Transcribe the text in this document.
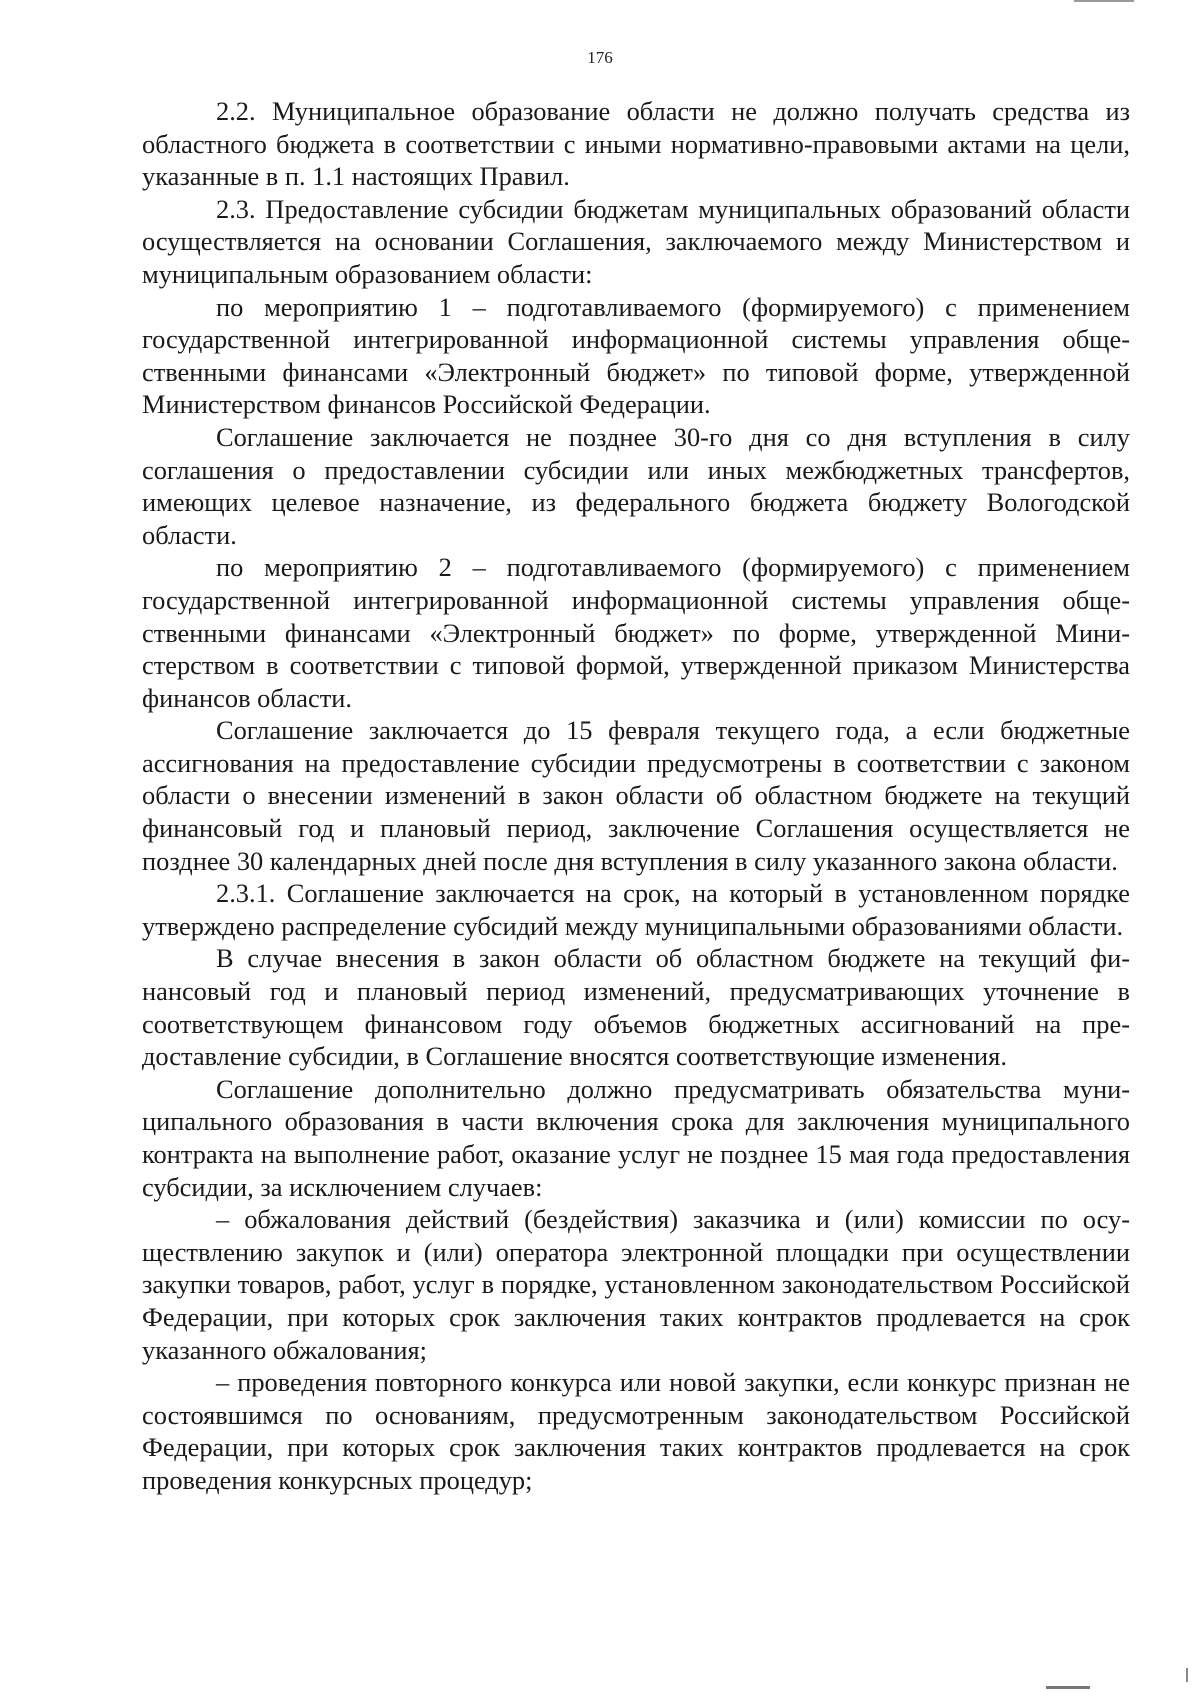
176

2.2. Муниципальное образование области не должно получать средства из областного бюджета в соответствии с иными нормативно-правовыми актами на цели, указанные в п. 1.1 настоящих Правил.

2.3. Предоставление субсидии бюджетам муниципальных образований области осуществляется на основании Соглашения, заключаемого между Министерством и муниципальным образованием области:

по мероприятию 1 – подготавливаемого (формируемого) с применением государственной интегрированной информационной системы управления общественными финансами «Электронный бюджет» по типовой форме, утвержденной Министерством финансов Российской Федерации.

Соглашение заключается не позднее 30-го дня со дня вступления в силу соглашения о предоставлении субсидии или иных межбюджетных трансфертов, имеющих целевое назначение, из федерального бюджета бюджету Вологодской области.

по мероприятию 2 – подготавливаемого (формируемого) с применением государственной интегрированной информационной системы управления общественными финансами «Электронный бюджет» по форме, утвержденной Министерством в соответствии с типовой формой, утвержденной приказом Министерства финансов области.

Соглашение заключается до 15 февраля текущего года, а если бюджетные ассигнования на предоставление субсидии предусмотрены в соответствии с законом области о внесении изменений в закон области об областном бюджете на текущий финансовый год и плановый период, заключение Соглашения осуществляется не позднее 30 календарных дней после дня вступления в силу указанного закона области.

2.3.1. Соглашение заключается на срок, на который в установленном порядке утверждено распределение субсидий между муниципальными образованиями области.

В случае внесения в закон области об областном бюджете на текущий финансовый год и плановый период изменений, предусматривающих уточнение в соответствующем финансовом году объемов бюджетных ассигнований на предоставление субсидии, в Соглашение вносятся соответствующие изменения.

Соглашение дополнительно должно предусматривать обязательства муниципального образования в части включения срока для заключения муниципального контракта на выполнение работ, оказание услуг не позднее 15 мая года предоставления субсидии, за исключением случаев:

– обжалования действий (бездействия) заказчика и (или) комиссии по осуществлению закупок и (или) оператора электронной площадки при осуществлении закупки товаров, работ, услуг в порядке, установленном законодательством Российской Федерации, при которых срок заключения таких контрактов продлевается на срок указанного обжалования;

– проведения повторного конкурса или новой закупки, если конкурс признан не состоявшимся по основаниям, предусмотренным законодательством Российской Федерации, при которых срок заключения таких контрактов продлевается на срок проведения конкурсных процедур;
